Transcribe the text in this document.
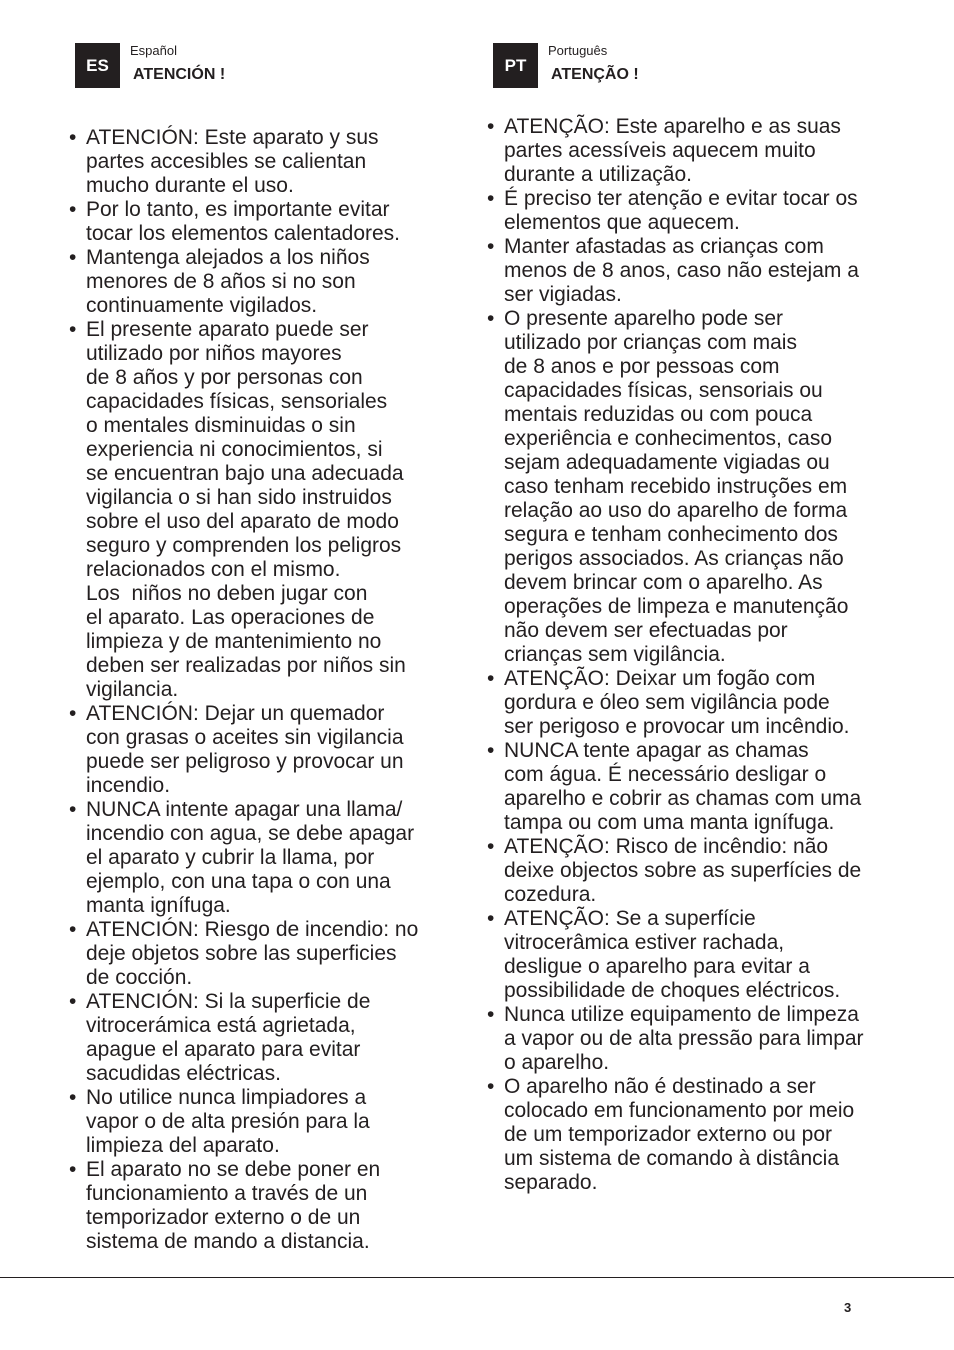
ES
Español
ATENCIÓN !
• ATENCIÓN: Este aparato y sus
partes accesibles se calientan
mucho durante el uso.
• Por lo tanto, es importante evitar
tocar los elementos calentadores.
• Mantenga alejados a los niños
menores de 8 años si no son
continuamente vigilados.
• El presente aparato puede ser
utilizado por niños mayores
de 8 años y por personas con
capacidades físicas, sensoriales
o mentales disminuidas o sin
experiencia ni conocimientos, si
se encuentran bajo una adecuada
vigilancia o si han sido instruidos
sobre el uso del aparato de modo
seguro y comprenden los peligros
relacionados con el mismo.
Los  niños no deben jugar con
el aparato. Las operaciones de
limpieza y de mantenimiento no
deben ser realizadas por niños sin
vigilancia.
• ATENCIÓN: Dejar un quemador
con grasas o aceites sin vigilancia
puede ser peligroso y provocar un
incendio.
• NUNCA intente apagar una llama/
incendio con agua, se debe apagar
el aparato y cubrir la llama, por
ejemplo, con una tapa o con una
manta ignífuga.
• ATENCIÓN: Riesgo de incendio: no
deje objetos sobre las superficies
de cocción.
• ATENCIÓN: Si la superficie de
vitrocerámica está agrietada,
apague el aparato para evitar
sacudidas eléctricas.
• No utilice nunca limpiadores a
vapor o de alta presión para la
limpieza del aparato.
• El aparato no se debe poner en
funcionamiento a través de un
temporizador externo o de un
sistema de mando a distancia.
PT
Português
ATENÇÃO !
• ATENÇÃO: Este aparelho e as suas
partes acessíveis aquecem muito
durante a utilização.
• É preciso ter atenção e evitar tocar os
elementos que aquecem.
• Manter afastadas as crianças com
menos de 8 anos, caso não estejam a
ser vigiadas.
• O presente aparelho pode ser
utilizado por crianças com mais
de 8 anos e por pessoas com
capacidades físicas, sensoriais ou
mentais reduzidas ou com pouca
experiência e conhecimentos, caso
sejam adequadamente vigiadas ou
caso tenham recebido instruções em
relação ao uso do aparelho de forma
segura e tenham conhecimento dos
perigos associados. As crianças não
devem brincar com o aparelho. As
operações de limpeza e manutenção
não devem ser efectuadas por
crianças sem vigilância.
• ATENÇÃO: Deixar um fogão com
gordura e óleo sem vigilância pode
ser perigoso e provocar um incêndio.
• NUNCA tente apagar as chamas
com água. É necessário desligar o
aparelho e cobrir as chamas com uma
tampa ou com uma manta ignífuga.
• ATENÇÃO: Risco de incêndio: não
deixe objectos sobre as superfícies de
cozedura.
• ATENÇÃO: Se a superfície
vitrocerâmica estiver rachada,
desligue o aparelho para evitar a
possibilidade de choques eléctricos.
• Nunca utilize equipamento de limpeza
a vapor ou de alta pressão para limpar
o aparelho.
• O aparelho não é destinado a ser
colocado em funcionamento por meio
de um temporizador externo ou por
um sistema de comando à distância
separado.
3
